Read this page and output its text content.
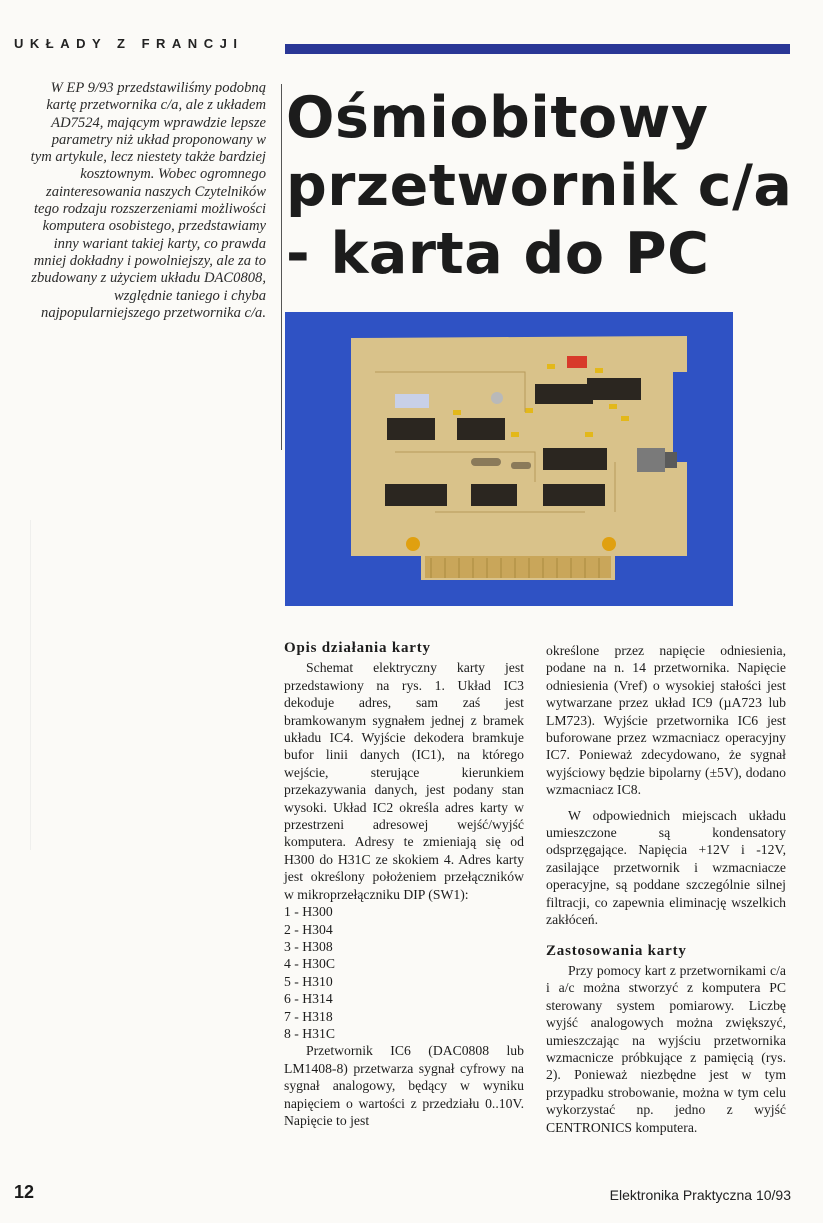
UKŁADY Z FRANCJI
W EP 9/93 przedstawiliśmy podobną kartę przetwornika c/a, ale z układem AD7524, mającym wprawdzie lepsze parametry niż układ proponowany w tym artykule, lecz niestety także bardziej kosztownym. Wobec ogromnego zainteresowania naszych Czytelników tego rodzaju rozszerzeniami możliwości komputera osobistego, przedstawiamy inny wariant takiej karty, co prawda mniej dokładny i powolniejszy, ale za to zbudowany z użyciem układu DAC0808, względnie taniego i chyba najpopularniejszego przetwornika c/a.
Ośmiobitowy
przetwornik c/a
- karta do PC
Opis działania karty

Schemat elektryczny karty jest przedstawiony na rys. 1. Układ IC3 dekoduje adres, sam zaś jest bramkowanym sygnałem jednej z bramek układu IC4. Wyjście dekodera bramkuje bufor linii danych (IC1), na którego wejście, sterujące kierunkiem przekazywania danych, jest podany stan wysoki. Układ IC2 określa adres karty w przestrzeni adresowej wejść/wyjść komputera. Adresy te zmieniają się od H300 do H31C ze skokiem 4. Adres karty jest określony położeniem przełączników w mikroprzełączniku DIP (SW1):

1 - H300
2 - H304
3 - H308
4 - H30C
5 - H310
6 - H314
7 - H318
8 - H31C

Przetwornik IC6 (DAC0808 lub LM1408-8) przetwarza sygnał cyfrowy na sygnał analogowy, będący w wyniku napięciem o wartości z przedziału 0..10V. Napięcie to jest

określone przez napięcie odniesienia, podane na n. 14 przetwornika. Napięcie odniesienia (Vref) o wysokiej stałości jest wytwarzane przez układ IC9 (µA723 lub LM723). Wyjście przetwornika IC6 jest buforowane przez wzmacniacz operacyjny IC7. Ponieważ zdecydowano, że sygnał wyjściowy będzie bipolarny (±5V), dodano wzmacniacz IC8.

W odpowiednich miejscach układu umieszczone są kondensatory odsprzęgające. Napięcia +12V i -12V, zasilające przetwornik i wzmacniacze operacyjne, są poddane szczególnie silnej filtracji, co zapewnia eliminację wszelkich zakłóceń.

Zastosowania karty

Przy pomocy kart z przetwornikami c/a i a/c można stworzyć z komputera PC sterowany system pomiarowy. Liczbę wyjść analogowych można zwiększyć, umieszczając na wyjściu przetwornika wzmacnicze próbkujące z pamięcią (rys. 2). Ponieważ niezbędne jest w tym przypadku strobowanie, można w tym celu wykorzystać np. jedno z wyjść CENTRONICS komputera.

12	Elektronika Praktyczna 10/93
